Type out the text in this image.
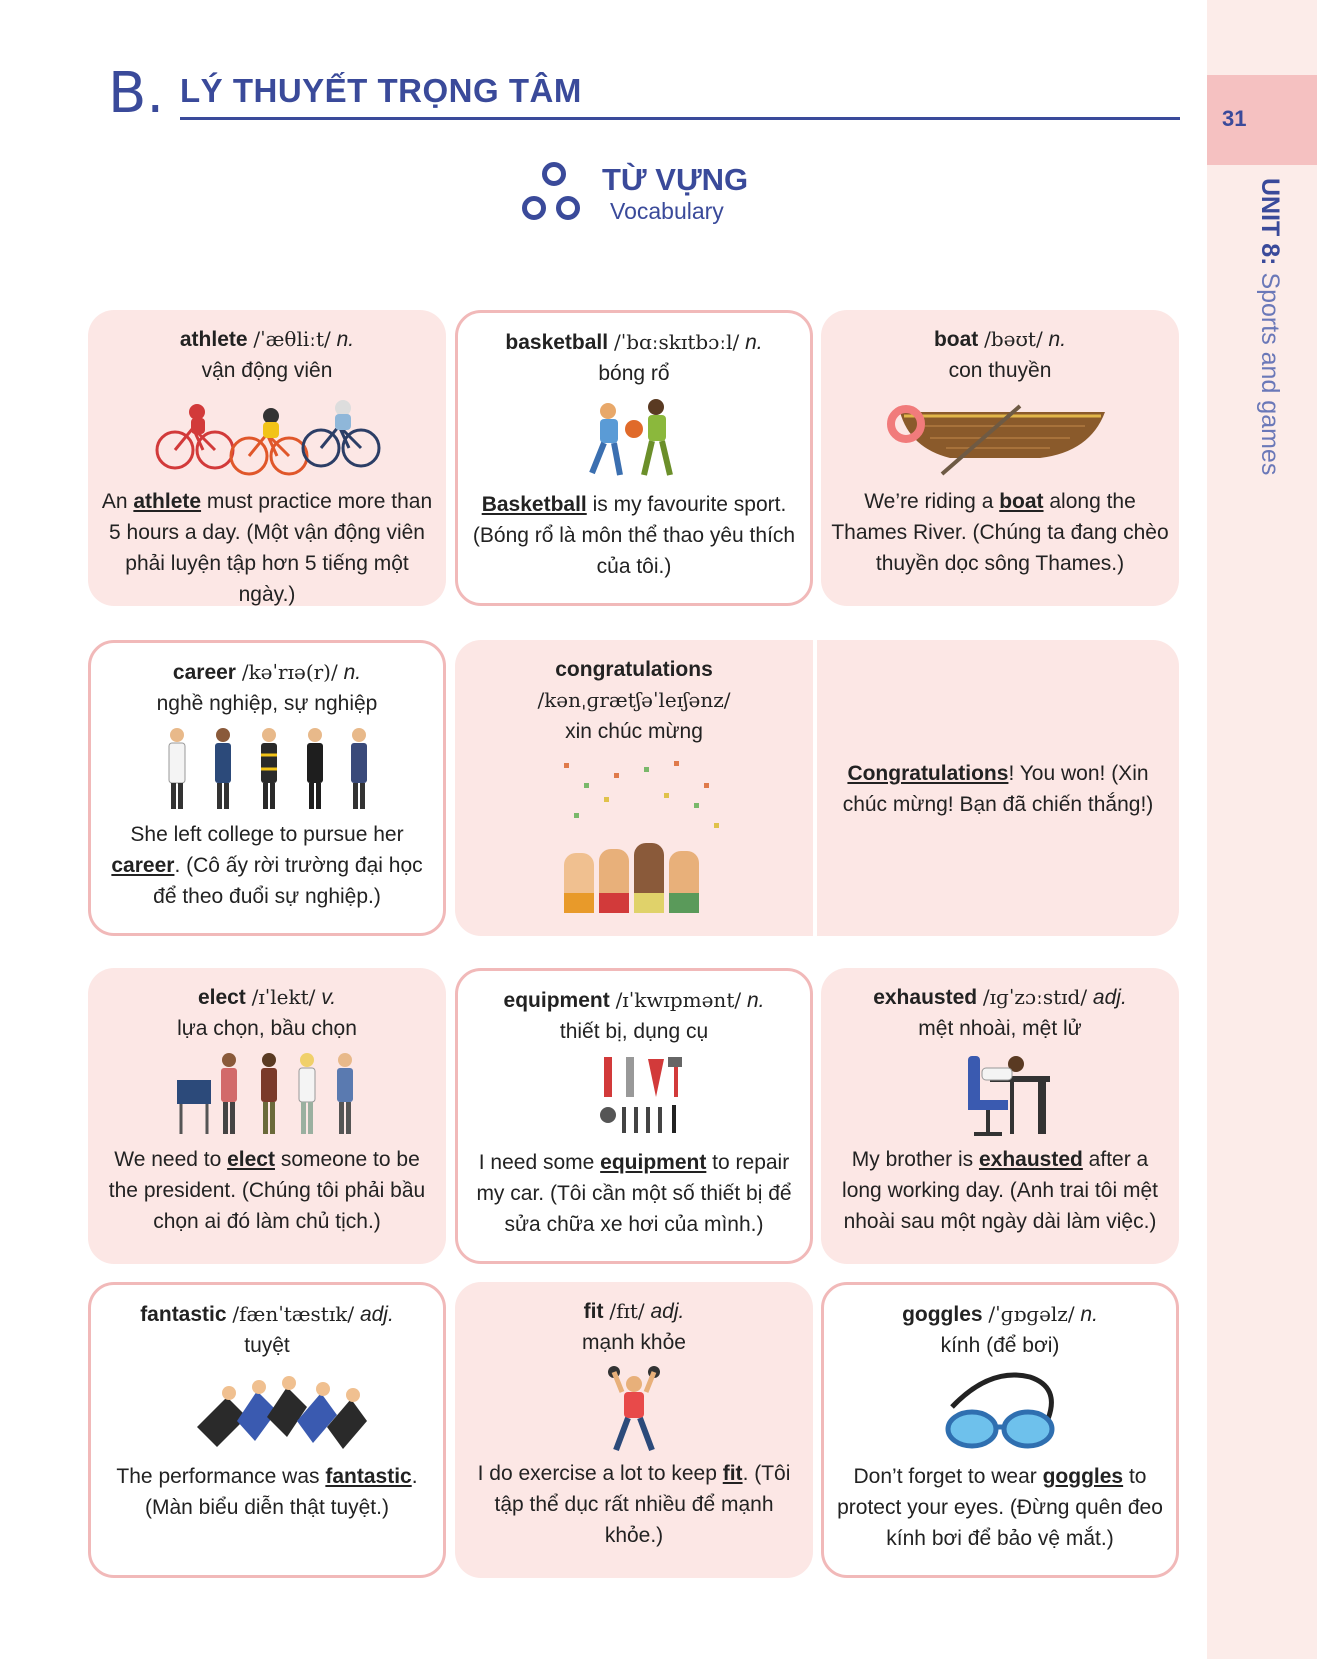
31
UNIT 8: Sports and games
B. LÝ THUYẾT TRỌNG TÂM
TỪ VỰNG
Vocabulary
athlete /ˈæθliːt/ n.
vận động viên
An athlete must practice more than 5 hours a day. (Một vận động viên phải luyện tập hơn 5 tiếng một ngày.)
basketball /ˈbɑːskɪtbɔːl/ n.
bóng rổ
Basketball is my favourite sport. (Bóng rổ là môn thể thao yêu thích của tôi.)
boat /bəʊt/ n.
con thuyền
We’re riding a boat along the Thames River. (Chúng ta đang chèo thuyền dọc sông Thames.)
career /kəˈrɪə(r)/ n.
nghề nghiệp, sự nghiệp
She left college to pursue her career. (Cô ấy rời trường đại học để theo đuổi sự nghiệp.)
congratulations
/kənˌɡrætʃəˈleɪʃənz/
xin chúc mừng
Congratulations! You won! (Xin chúc mừng! Bạn đã chiến thắng!)
elect /ɪˈlekt/ v.
lựa chọn, bầu chọn
We need to elect someone to be the president. (Chúng tôi phải bầu chọn ai đó làm chủ tịch.)
equipment /ɪˈkwɪpmənt/ n.
thiết bị, dụng cụ
I need some equipment to repair my car. (Tôi cần một số thiết bị để sửa chữa xe hơi của mình.)
exhausted /ɪɡˈzɔːstɪd/ adj.
mệt nhoài, mệt lử
My brother is exhausted after a long working day. (Anh trai tôi mệt nhoài sau một ngày dài làm việc.)
fantastic /fænˈtæstɪk/ adj.
tuyệt
The performance was fantastic. (Màn biểu diễn thật tuyệt.)
fit /fɪt/ adj.
mạnh khỏe
I do exercise a lot to keep fit. (Tôi tập thể dục rất nhiều để mạnh khỏe.)
goggles /ˈɡɒɡəlz/ n.
kính (để bơi)
Don’t forget to wear goggles to protect your eyes. (Đừng quên đeo kính bơi để bảo vệ mắt.)
